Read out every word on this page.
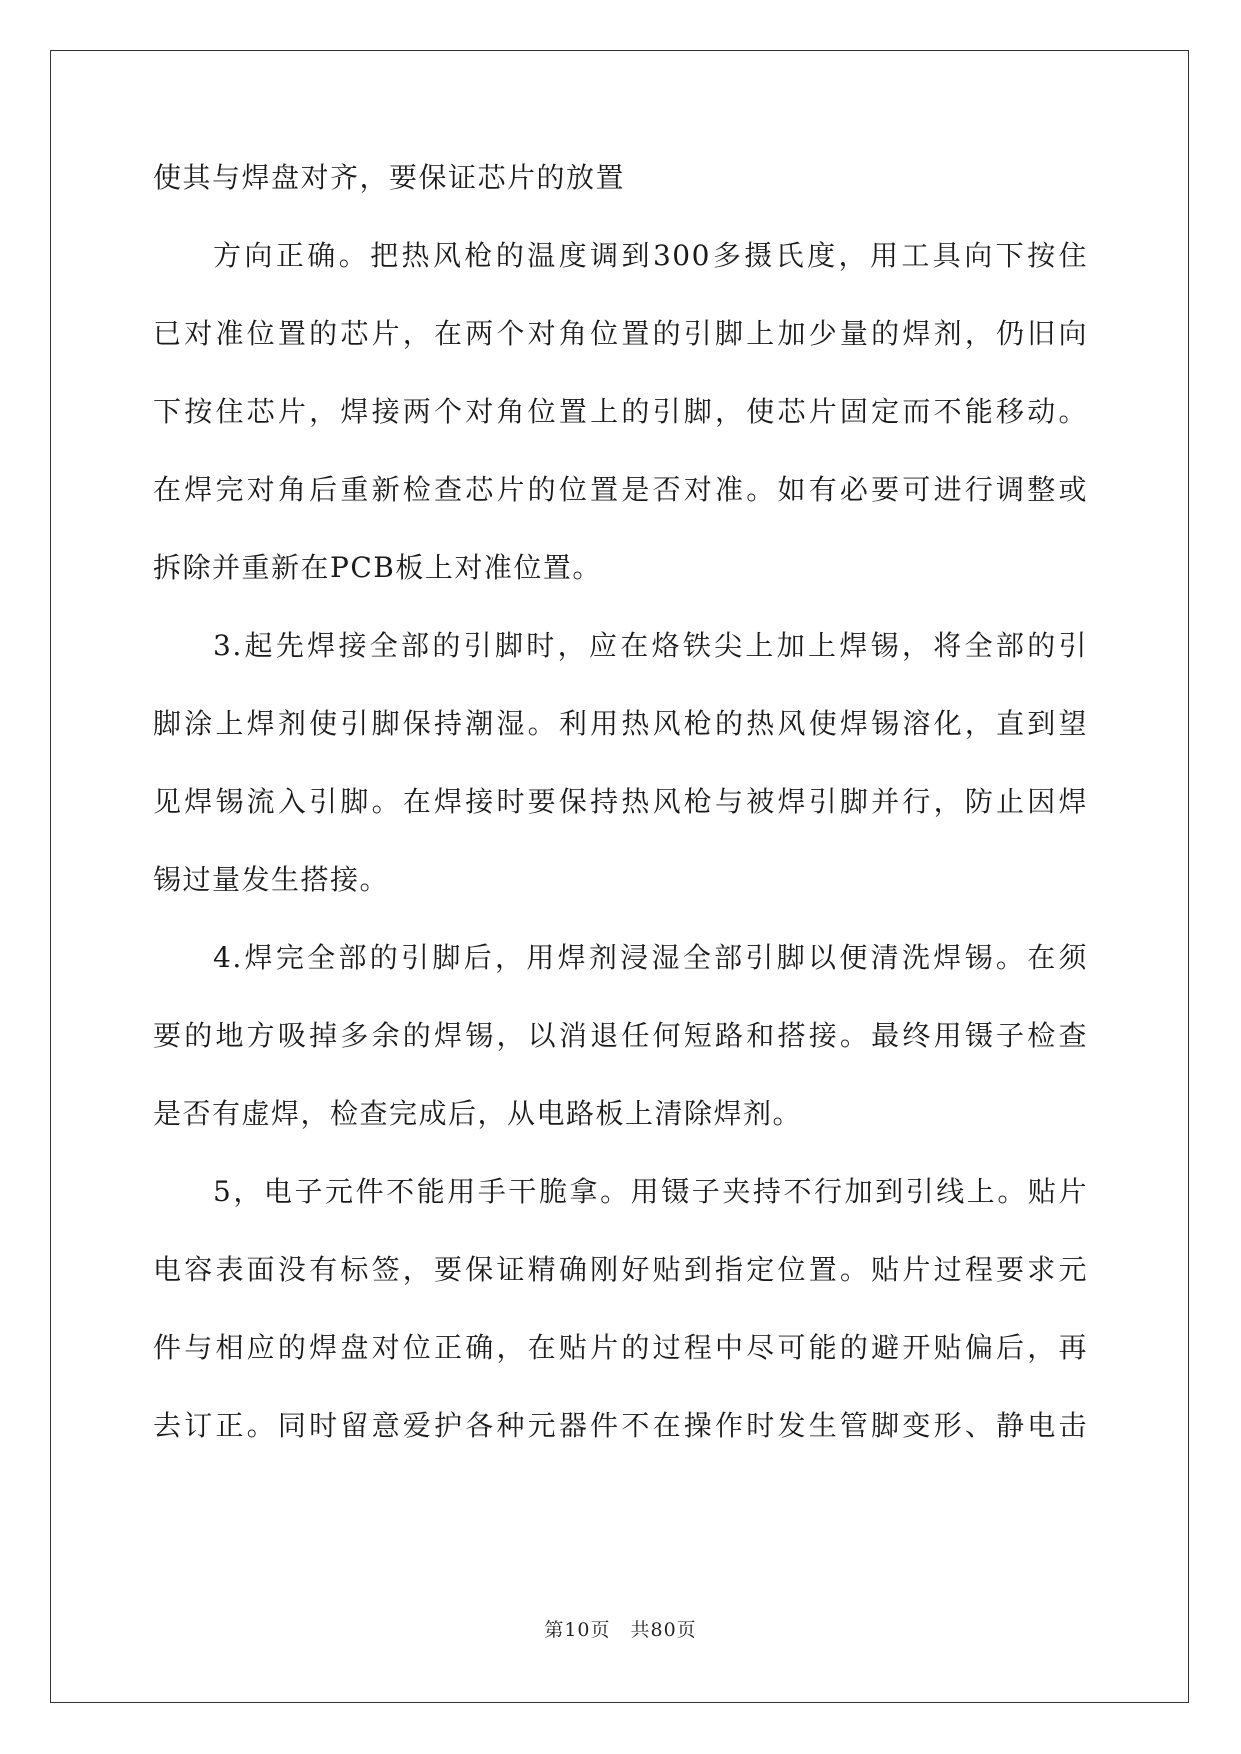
使其与焊盘对齐，要保证芯片的放置
方向正确。把热风枪的温度调到300多摄氏度，用工具向下按住
已对准位置的芯片，在两个对角位置的引脚上加少量的焊剂，仍旧向
下按住芯片，焊接两个对角位置上的引脚，使芯片固定而不能移动。
在焊完对角后重新检查芯片的位置是否对准。如有必要可进行调整或
拆除并重新在PCB板上对准位置。
3.起先焊接全部的引脚时，应在烙铁尖上加上焊锡，将全部的引
脚涂上焊剂使引脚保持潮湿。利用热风枪的热风使焊锡溶化，直到望
见焊锡流入引脚。在焊接时要保持热风枪与被焊引脚并行，防止因焊
锡过量发生搭接。
4.焊完全部的引脚后，用焊剂浸湿全部引脚以便清洗焊锡。在须
要的地方吸掉多余的焊锡，以消退任何短路和搭接。最终用镊子检查
是否有虚焊，检查完成后，从电路板上清除焊剂。
5，电子元件不能用手干脆拿。用镊子夹持不行加到引线上。贴片
电容表面没有标签，要保证精确刚好贴到指定位置。贴片过程要求元
件与相应的焊盘对位正确，在贴片的过程中尽可能的避开贴偏后，再
去订正。同时留意爱护各种元器件不在操作时发生管脚变形、静电击
第10页 共80页
